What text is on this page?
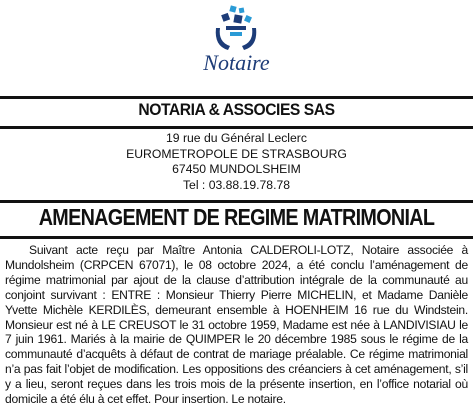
Notaire
NOTARIA & ASSOCIES SAS
19 rue du Général Leclerc
EUROMETROPOLE DE STRASBOURG
67450 MUNDOLSHEIM
Tel : 03.88.19.78.78
AMENAGEMENT DE REGIME MATRIMONIAL

Suivant acte reçu par Maître Antonia CALDEROLI-LOTZ, Notaire associée à Mundolsheim (CRPCEN 67071), le 08 octobre 2024, a été conclu l’aménagement de régime matrimonial par ajout de la clause d’attribution intégrale de la communauté au conjoint survivant : ENTRE : Monsieur Thierry Pierre MICHELIN, et Madame Danièle Yvette Michèle KERDILÈS, demeurant ensemble à HOENHEIM 16 rue du Windstein. Monsieur est né à LE CREUSOT le 31 octobre 1959, Madame est née à LANDIVISIAU le 7 juin 1961. Mariés à la mairie de QUIMPER le 20 décembre 1985 sous le régime de la communauté d’acquêts à défaut de contrat de mariage préalable. Ce régime matrimonial n’a pas fait l’objet de modification. Les oppositions des créanciers à cet aménagement, s’il y a lieu, seront reçues dans les trois mois de la présente insertion, en l’office notarial où domicile a été élu à cet effet. Pour insertion. Le notaire.
